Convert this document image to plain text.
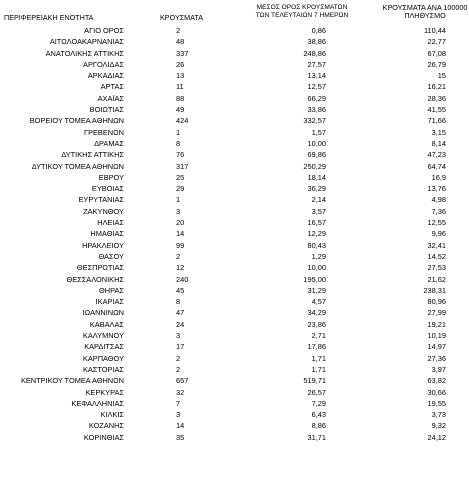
ΠΕΡΙΦΕΡΕΙΑΚΗ ΕΝΟΤΗΤΑ	ΚΡΟΥΣΜΑΤΑ
ΜΕΣΟΣ ΟΡΟΣ ΚΡΟΥΣΜΑΤΩΝ
ΤΩΝ ΤΕΛΕΥΤΑΙΩΝ 7 ΗΜΕΡΩΝ
ΚΡΟΥΣΜΑΤΑ ΑΝΑ 100000
ΠΛΗΘΥΣΜΟ
ΑΓΙΟ ΟΡΟΣ	2	0,86	110,44
ΑΙΤΩΛΟΑΚΑΡΝΑΝΙΑΣ	48	38,86	22,77
ΑΝΑΤΟΛΙΚΗΣ ΑΤΤΙΚΗΣ	337	248,86	67,08
ΑΡΓΟΛΙΔΑΣ	26	27,57	26,79
ΑΡΚΑΔΙΑΣ	13	13,14	15
ΑΡΤΑΣ	11	12,57	16,21
ΑΧΑΪΑΣ	88	66,29	28,36
ΒΟΙΩΤΙΑΣ	49	33,86	41,55
ΒΟΡΕΙΟΥ ΤΟΜΕΑ ΑΘΗΝΩΝ	424	332,57	71,66
ΓΡΕΒΕΝΩΝ	1	1,57	3,15
ΔΡΑΜΑΣ	8	10,00	8,14
ΔΥΤΙΚΗΣ ΑΤΤΙΚΗΣ	76	69,86	47,23
ΔΥΤΙΚΟΥ ΤΟΜΕΑ ΑΘΗΝΩΝ	317	250,29	64,74
ΕΒΡΟΥ	25	18,14	16,9
ΕΥΒΟΙΑΣ	29	36,29	13,76
ΕΥΡΥΤΑΝΙΑΣ	1	2,14	4,98
ΖΑΚΥΝΘΟΥ	3	3,57	7,36
ΗΛΕΙΑΣ	20	16,57	12,55
ΗΜΑΘΙΑΣ	14	12,29	9,96
ΗΡΑΚΛΕΙΟΥ	99	80,43	32,41
ΘΑΣΟΥ	2	1,29	14,52
ΘΕΣΠΡΩΤΙΑΣ	12	10,00	27,53
ΘΕΣΣΑΛΟΝΙΚΗΣ	240	195,00	21,62
ΘΗΡΑΣ	45	31,29	238,31
ΙΚΑΡΙΑΣ	8	4,57	80,96
ΙΩΑΝΝΙΝΩΝ	47	34,29	27,99
ΚΑΒΑΛΑΣ	24	23,86	19,21
ΚΑΛΥΜΝΟΥ	3	2,71	10,19
ΚΑΡΔΙΤΣΑΣ	17	17,86	14,97
ΚΑΡΠΑΘΟΥ	2	1,71	27,36
ΚΑΣΤΟΡΙΑΣ	2	1,71	3,97
ΚΕΝΤΡΙΚΟΥ ΤΟΜΕΑ ΑΘΗΝΩΝ	657	519,71	63,82
ΚΕΡΚΥΡΑΣ	32	26,57	30,66
ΚΕΦΑΛΛΗΝΙΑΣ	7	7,29	19,55
ΚΙΛΚΙΣ	3	6,43	3,73
ΚΟΖΑΝΗΣ	14	8,86	9,32
ΚΟΡΙΝΘΙΑΣ	35	31,71	24,12
